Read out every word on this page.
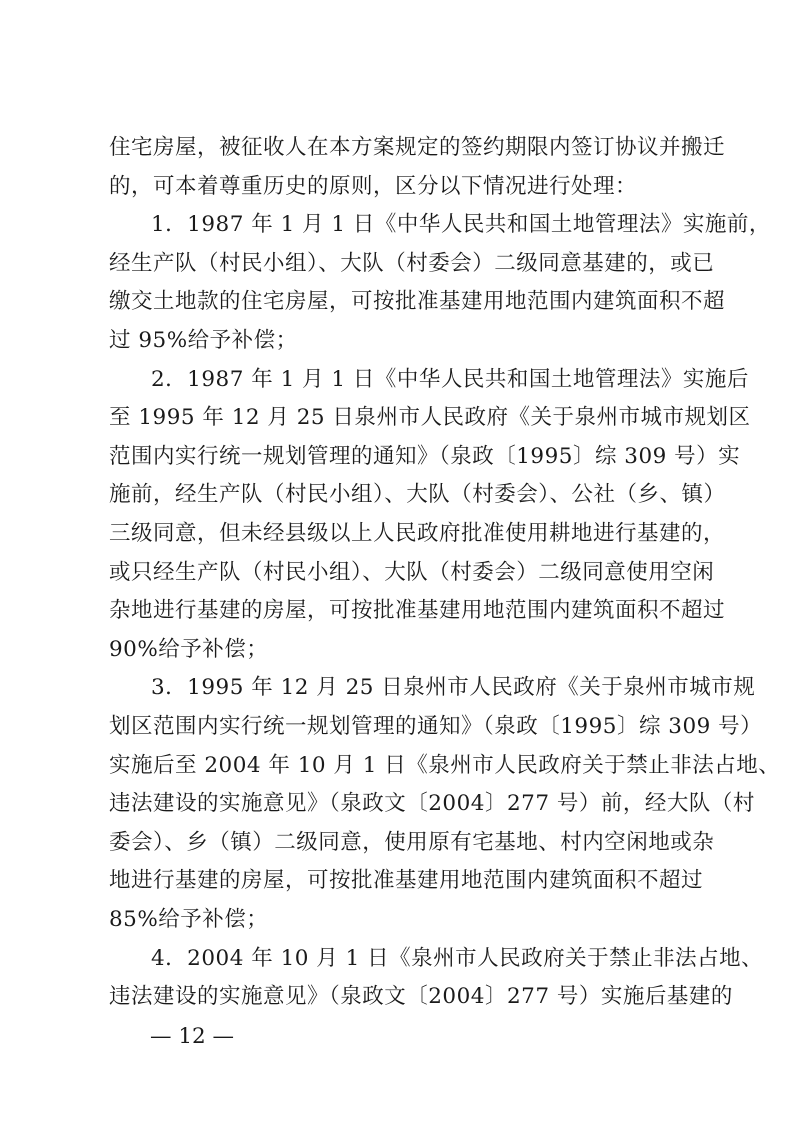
住宅房屋，被征收人在本方案规定的签约期限内签订协议并搬迁
的，可本着尊重历史的原则，区分以下情况进行处理：
1．1987 年 1 月 1 日《中华人民共和国土地管理法》实施前，
经生产队（村民小组）、大队（村委会）二级同意基建的，或已
缴交土地款的住宅房屋，可按批准基建用地范围内建筑面积不超
过 95%给予补偿；
2．1987 年 1 月 1 日《中华人民共和国土地管理法》实施后
至 1995 年 12 月 25 日泉州市人民政府《关于泉州市城市规划区
范围内实行统一规划管理的通知》（泉政〔1995〕综 309 号）实
施前，经生产队（村民小组）、大队（村委会）、公社（乡、镇）
三级同意，但未经县级以上人民政府批准使用耕地进行基建的，
或只经生产队（村民小组）、大队（村委会）二级同意使用空闲
杂地进行基建的房屋，可按批准基建用地范围内建筑面积不超过
90%给予补偿；
3．1995 年 12 月 25 日泉州市人民政府《关于泉州市城市规
划区范围内实行统一规划管理的通知》（泉政〔1995〕综 309 号）
实施后至 2004 年 10 月 1 日《泉州市人民政府关于禁止非法占地、
违法建设的实施意见》（泉政文〔2004〕277 号）前，经大队（村
委会）、乡（镇）二级同意，使用原有宅基地、村内空闲地或杂
地进行基建的房屋，可按批准基建用地范围内建筑面积不超过
85%给予补偿；
4．2004 年 10 月 1 日《泉州市人民政府关于禁止非法占地、
违法建设的实施意见》（泉政文〔2004〕277 号）实施后基建的
— 12 —
